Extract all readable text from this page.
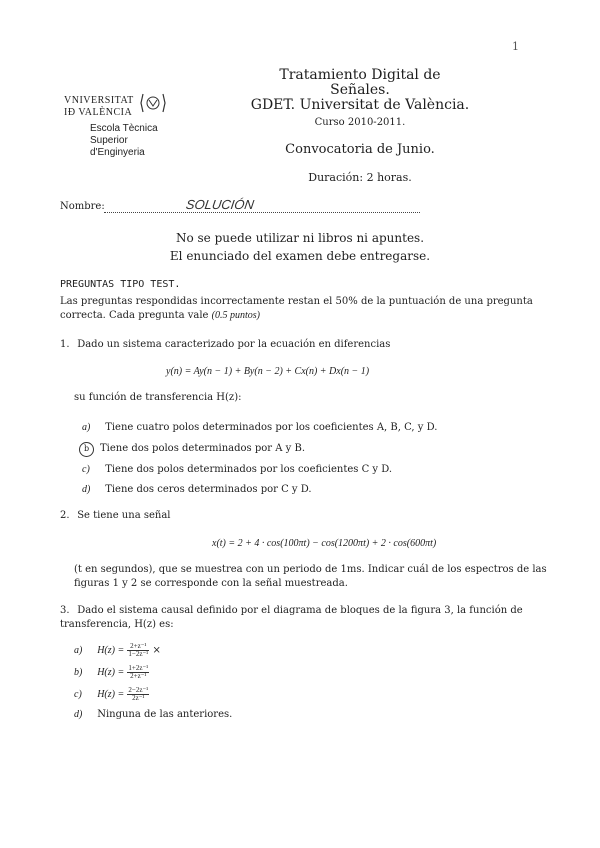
1
VNIVERSITAT
IÐ VALÈNCIA
Escola Tècnica
Superior
d'Enginyeria
Tratamiento Digital de Señales.
GDET. Universitat de València.
Curso 2010-2011.
Convocatoria de Junio.
Duración: 2 horas.
Nombre:	SOLUCIÓN
No se puede utilizar ni libros ni apuntes.
El enunciado del examen debe entregarse.
PREGUNTAS TIPO TEST.
Las preguntas respondidas incorrectamente restan el 50% de la puntuación de una pregunta correcta. Cada pregunta vale (0.5 puntos)
1. Dado un sistema caracterizado por la ecuación en diferencias
y(n) = Ay(n − 1) + By(n − 2) + Cx(n) + Dx(n − 1)
su función de transferencia H(z):
a) Tiene cuatro polos determinados por los coeficientes A, B, C, y D.
b Tiene dos polos determinados por A y B.
c) Tiene dos polos determinados por los coeficientes C y D.
d) Tiene dos ceros determinados por C y D.
2. Se tiene una señal
x(t) = 2 + 4 · cos(100πt) − cos(1200πt) + 2 · cos(600πt)
(t en segundos), que se muestrea con un periodo de 1ms. Indicar cuál de los espectros de las figuras 1 y 2 se corresponde con la señal muestreada.
3. Dado el sistema causal definido por el diagrama de bloques de la figura 3, la función de transferencia, H(z) es:
a) $H(z) = \frac{\text{2+z⁻¹}}{\text{1−2z⁻¹}}$ ×
b) $H(z) = \frac{\text{1+2z⁻¹}}{\text{2+z⁻¹}}$
c) $H(z) = \frac{\text{2−2z⁻¹}}{\text{2z⁻¹}}$
d) Ninguna de las anteriores.
